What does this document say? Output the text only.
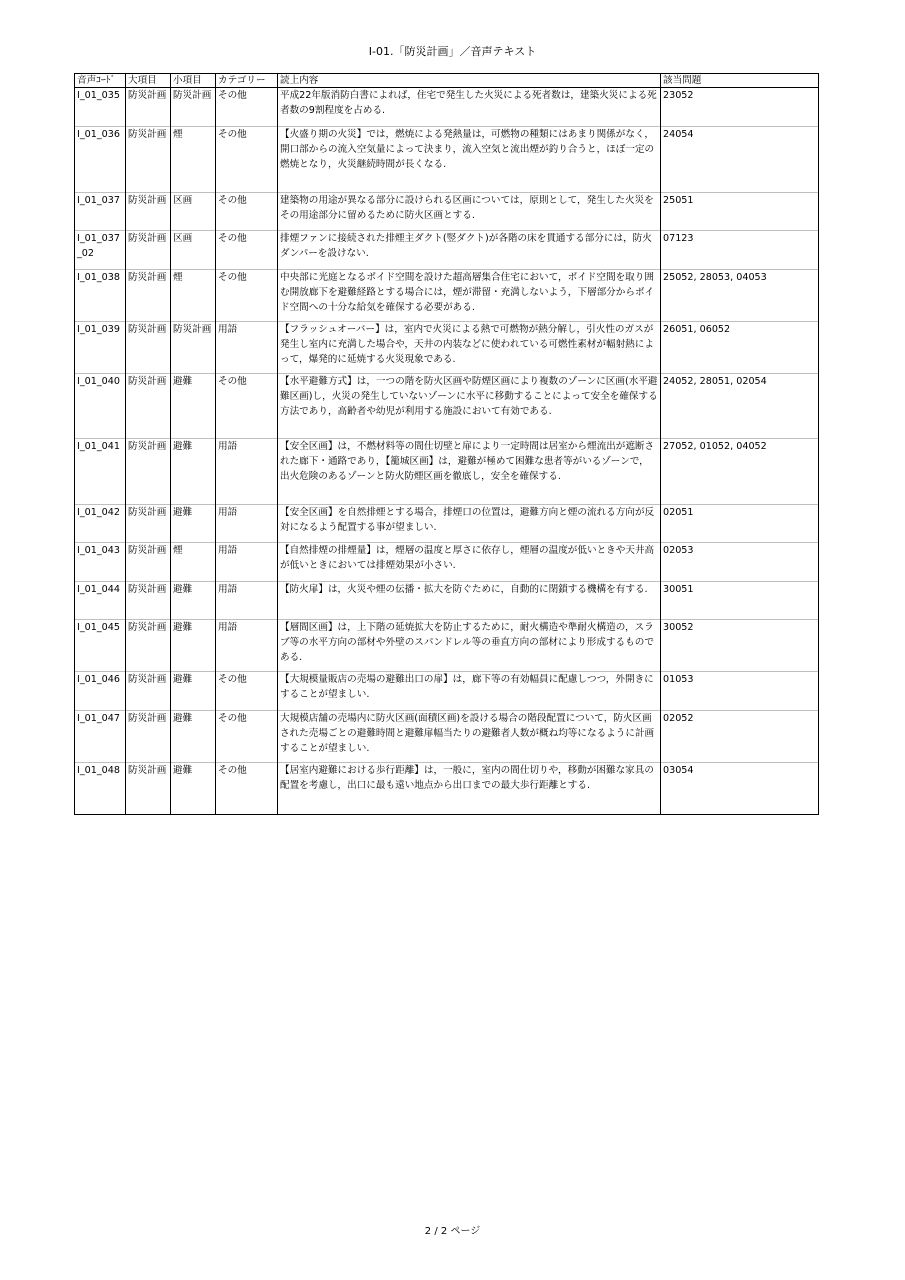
I-01.「防災計画」／音声テキスト
音声ｺｰﾄﾞ	大項目	小項目	カテゴリー	読上内容	該当問題
I_01_035	防災計画	防災計画	その他	平成22年版消防白書によれば，住宅で発生した火災による死者数は，建築火災による死者数の9割程度を占める.	23052
I_01_036	防災計画	煙	その他	【火盛り期の火災】では，燃焼による発熱量は，可燃物の種類にはあまり関係がなく，開口部からの流入空気量によって決まり，流入空気と流出煙が釣り合うと，ほぼ一定の燃焼となり，火災継続時間が長くなる.	24054
I_01_037	防災計画	区画	その他	建築物の用途が異なる部分に設けられる区画については，原則として，発生した火災をその用途部分に留めるために防火区画とする.	25051
I_01_037_02	防災計画	区画	その他	排煙ファンに接続された排煙主ダクト(竪ダクト)が各階の床を貫通する部分には，防火ダンパーを設けない.	07123
I_01_038	防災計画	煙	その他	中央部に光庭となるボイド空間を設けた超高層集合住宅において，ボイド空間を取り囲む開放廊下を避難経路とする場合には，煙が滞留・充満しないよう，下層部分からボイド空間への十分な給気を確保する必要がある.	25052, 28053, 04053
I_01_039	防災計画	防災計画	用語	【フラッシュオーバー】は，室内で火災による熱で可燃物が熱分解し，引火性のガスが発生し室内に充満した場合や，天井の内装などに使われている可燃性素材が輻射熱によって，爆発的に延焼する火災現象である.	26051, 06052
I_01_040	防災計画	避難	その他	【水平避難方式】は，一つの階を防火区画や防煙区画により複数のゾーンに区画(水平避難区画)し，火災の発生していないゾーンに水平に移動することによって安全を確保する方法であり，高齢者や幼児が利用する施設において有効である.	24052, 28051, 02054
I_01_041	防災計画	避難	用語	【安全区画】は，不燃材料等の間仕切壁と扉により一定時間は居室から煙流出が遮断された廊下・通路であり，【籠城区画】は，避難が極めて困難な患者等がいるゾーンで，出火危険のあるゾーンと防火防煙区画を徹底し，安全を確保する.	27052, 01052, 04052
I_01_042	防災計画	避難	用語	【安全区画】を自然排煙とする場合，排煙口の位置は，避難方向と煙の流れる方向が反対になるよう配置する事が望ましい.	02051
I_01_043	防災計画	煙	用語	【自然排煙の排煙量】は，煙層の温度と厚さに依存し，煙層の温度が低いときや天井高が低いときにおいては排煙効果が小さい.	02053
I_01_044	防災計画	避難	用語	【防火扉】は，火災や煙の伝播・拡大を防ぐために，自動的に閉鎖する機構を有する.	30051
I_01_045	防災計画	避難	用語	【層間区画】は，上下階の延焼拡大を防止するために，耐火構造や準耐火構造の，スラブ等の水平方向の部材や外壁のスパンドレル等の垂直方向の部材により形成するものである.	30052
I_01_046	防災計画	避難	その他	【大規模量販店の売場の避難出口の扉】は，廊下等の有効幅員に配慮しつつ，外開きにすることが望ましい.	01053
I_01_047	防災計画	避難	その他	大規模店舗の売場内に防火区画(面積区画)を設ける場合の階段配置について，防火区画された売場ごとの避難時間と避難扉幅当たりの避難者人数が概ね均等になるように計画することが望ましい.	02052
I_01_048	防災計画	避難	その他	【居室内避難における歩行距離】は，一般に，室内の間仕切りや，移動が困難な家具の配置を考慮し，出口に最も遠い地点から出口までの最大歩行距離とする.	03054
2 / 2 ページ
